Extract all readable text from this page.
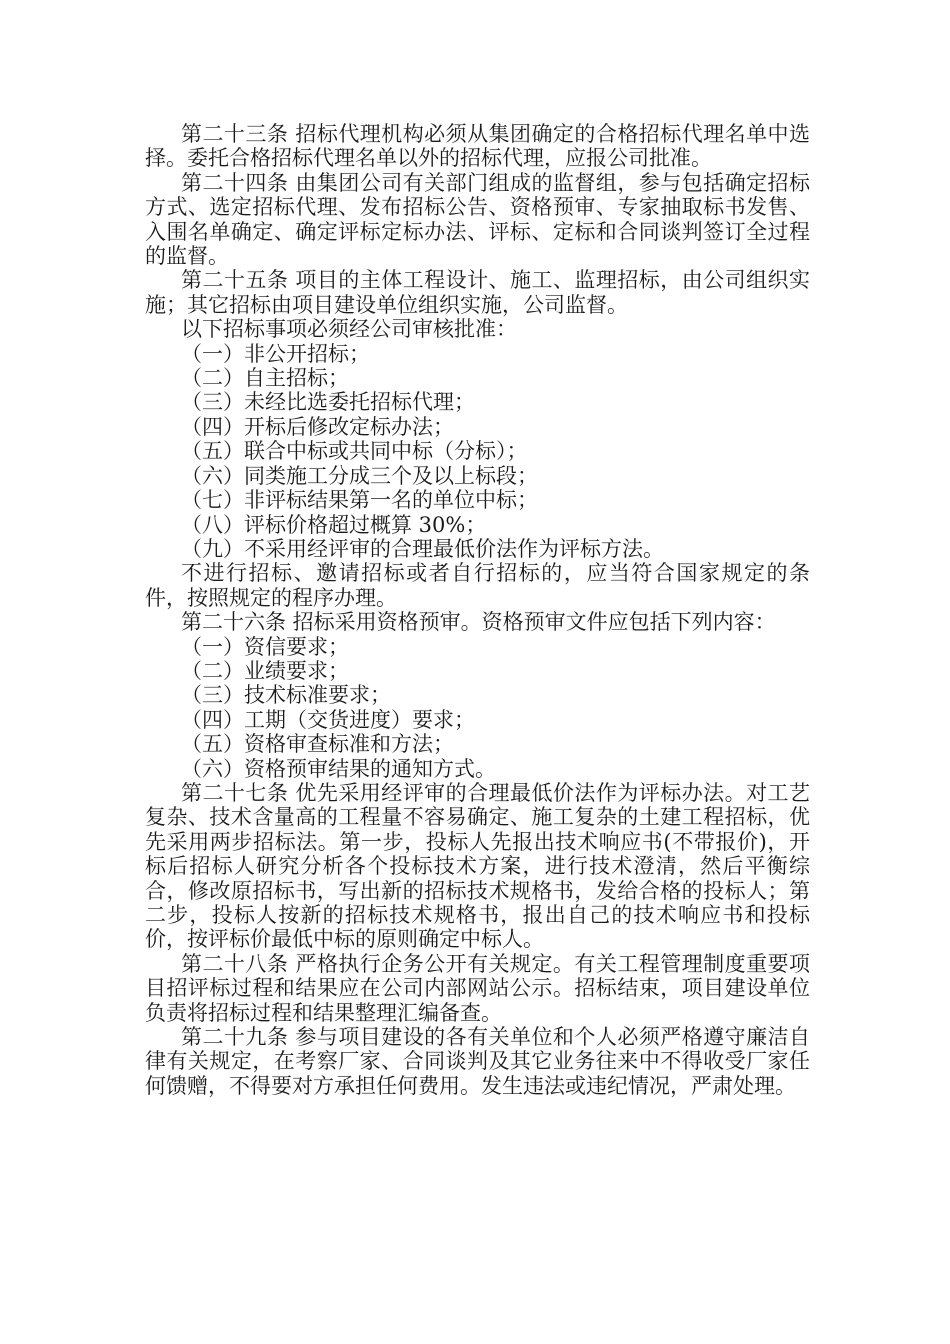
第二十三条 招标代理机构必须从集团确定的合格招标代理名单中选择。委托合格招标代理名单以外的招标代理，应报公司批准。

第二十四条 由集团公司有关部门组成的监督组，参与包括确定招标方式、选定招标代理、发布招标公告、资格预审、专家抽取标书发售、入围名单确定、确定评标定标办法、评标、定标和合同谈判签订全过程的监督。

第二十五条 项目的主体工程设计、施工、监理招标，由公司组织实施；其它招标由项目建设单位组织实施，公司监督。

以下招标事项必须经公司审核批准：

（一）非公开招标；

（二）自主招标；

（三）未经比选委托招标代理；

（四）开标后修改定标办法；

（五）联合中标或共同中标（分标）；

（六）同类施工分成三个及以上标段；

（七）非评标结果第一名的单位中标；

（八）评标价格超过概算 30%；

（九）不采用经评审的合理最低价法作为评标方法。

不进行招标、邀请招标或者自行招标的，应当符合国家规定的条件，按照规定的程序办理。

第二十六条 招标采用资格预审。资格预审文件应包括下列内容：

（一）资信要求；

（二）业绩要求；

（三）技术标准要求；

（四）工期（交货进度）要求；

（五）资格审查标准和方法；

（六）资格预审结果的通知方式。

第二十七条 优先采用经评审的合理最低价法作为评标办法。对工艺复杂、技术含量高的工程量不容易确定、施工复杂的土建工程招标，优先采用两步招标法。第一步，投标人先报出技术响应书(不带报价)，开标后招标人研究分析各个投标技术方案，进行技术澄清，然后平衡综合，修改原招标书，写出新的招标技术规格书，发给合格的投标人；第二步，投标人按新的招标技术规格书，报出自己的技术响应书和投标价，按评标价最低中标的原则确定中标人。

第二十八条 严格执行企务公开有关规定。有关工程管理制度重要项目招评标过程和结果应在公司内部网站公示。招标结束，项目建设单位负责将招标过程和结果整理汇编备查。

第二十九条 参与项目建设的各有关单位和个人必须严格遵守廉洁自律有关规定，在考察厂家、合同谈判及其它业务往来中不得收受厂家任何馈赠，不得要对方承担任何费用。发生违法或违纪情况，严肃处理。
